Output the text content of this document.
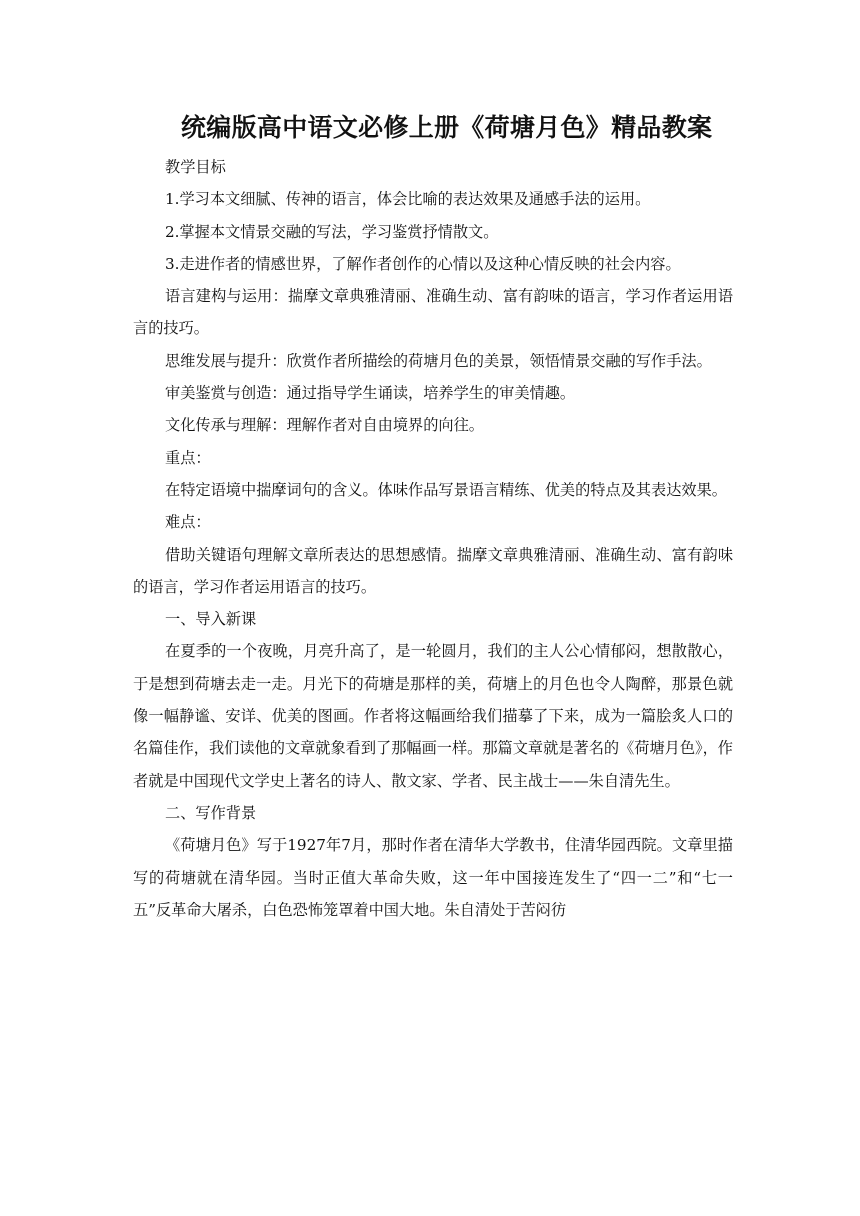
统编版高中语文必修上册《荷塘月色》精品教案

教学目标

1.学习本文细腻、传神的语言，体会比喻的表达效果及通感手法的运用。

2.掌握本文情景交融的写法，学习鉴赏抒情散文。

3.走进作者的情感世界，了解作者创作的心情以及这种心情反映的社会内容。

语言建构与运用：揣摩文章典雅清丽、准确生动、富有韵味的语言，学习作者运用语言的技巧。

思维发展与提升：欣赏作者所描绘的荷塘月色的美景，领悟情景交融的写作手法。

审美鉴赏与创造：通过指导学生诵读，培养学生的审美情趣。

文化传承与理解：理解作者对自由境界的向往。

重点：

在特定语境中揣摩词句的含义。体味作品写景语言精练、优美的特点及其表达效果。

难点：

借助关键语句理解文章所表达的思想感情。揣摩文章典雅清丽、准确生动、富有韵味的语言，学习作者运用语言的技巧。

一、导入新课

在夏季的一个夜晚，月亮升高了，是一轮圆月，我们的主人公心情郁闷，想散散心，于是想到荷塘去走一走。月光下的荷塘是那样的美，荷塘上的月色也令人陶醉，那景色就像一幅静谧、安详、优美的图画。作者将这幅画给我们描摹了下来，成为一篇脍炙人口的名篇佳作，我们读他的文章就象看到了那幅画一样。那篇文章就是著名的《荷塘月色》，作者就是中国现代文学史上著名的诗人、散文家、学者、民主战士——朱自清先生。

二、写作背景

《荷塘月色》写于1927年7月，那时作者在清华大学教书，住清华园西院。文章里描写的荷塘就在清华园。当时正值大革命失败，这一年中国接连发生了“四一二”和“七一五”反革命大屠杀，白色恐怖笼罩着中国大地。朱自清处于苦闷彷
